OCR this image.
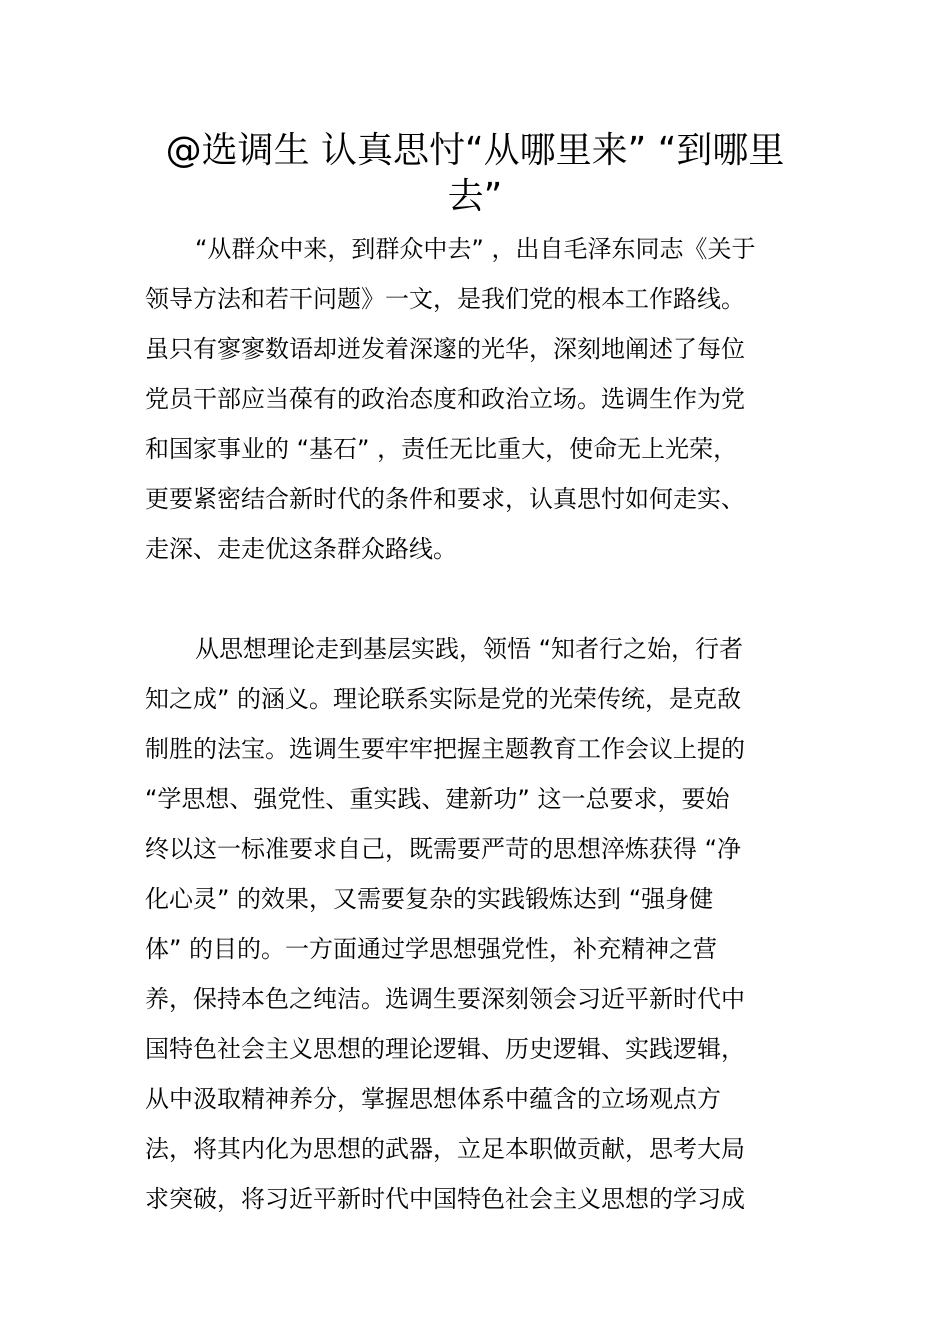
@选调生 认真思忖“从哪里来” “到哪里
去”
“从群众中来，到群众中去” ，出自毛泽东同志《关于
领导方法和若干问题》一文，是我们党的根本工作路线。
虽只有寥寥数语却迸发着深邃的光华，深刻地阐述了每位
党员干部应当葆有的政治态度和政治立场。选调生作为党
和国家事业的 “基石” ，责任无比重大，使命无上光荣，
更要紧密结合新时代的条件和要求，认真思忖如何走实、
走深、走走优这条群众路线。
从思想理论走到基层实践，领悟 “知者行之始，行者
知之成” 的涵义。理论联系实际是党的光荣传统，是克敌
制胜的法宝。选调生要牢牢把握主题教育工作会议上提的
“学思想、强党性、重实践、建新功” 这一总要求，要始
终以这一标准要求自己，既需要严苛的思想淬炼获得 “净
化心灵” 的效果，又需要复杂的实践锻炼达到 “强身健
体” 的目的。一方面通过学思想强党性，补充精神之营
养，保持本色之纯洁。选调生要深刻领会习近平新时代中
国特色社会主义思想的理论逻辑、历史逻辑、实践逻辑，
从中汲取精神养分，掌握思想体系中蕴含的立场观点方
法，将其内化为思想的武器，立足本职做贡献，思考大局
求突破，将习近平新时代中国特色社会主义思想的学习成
